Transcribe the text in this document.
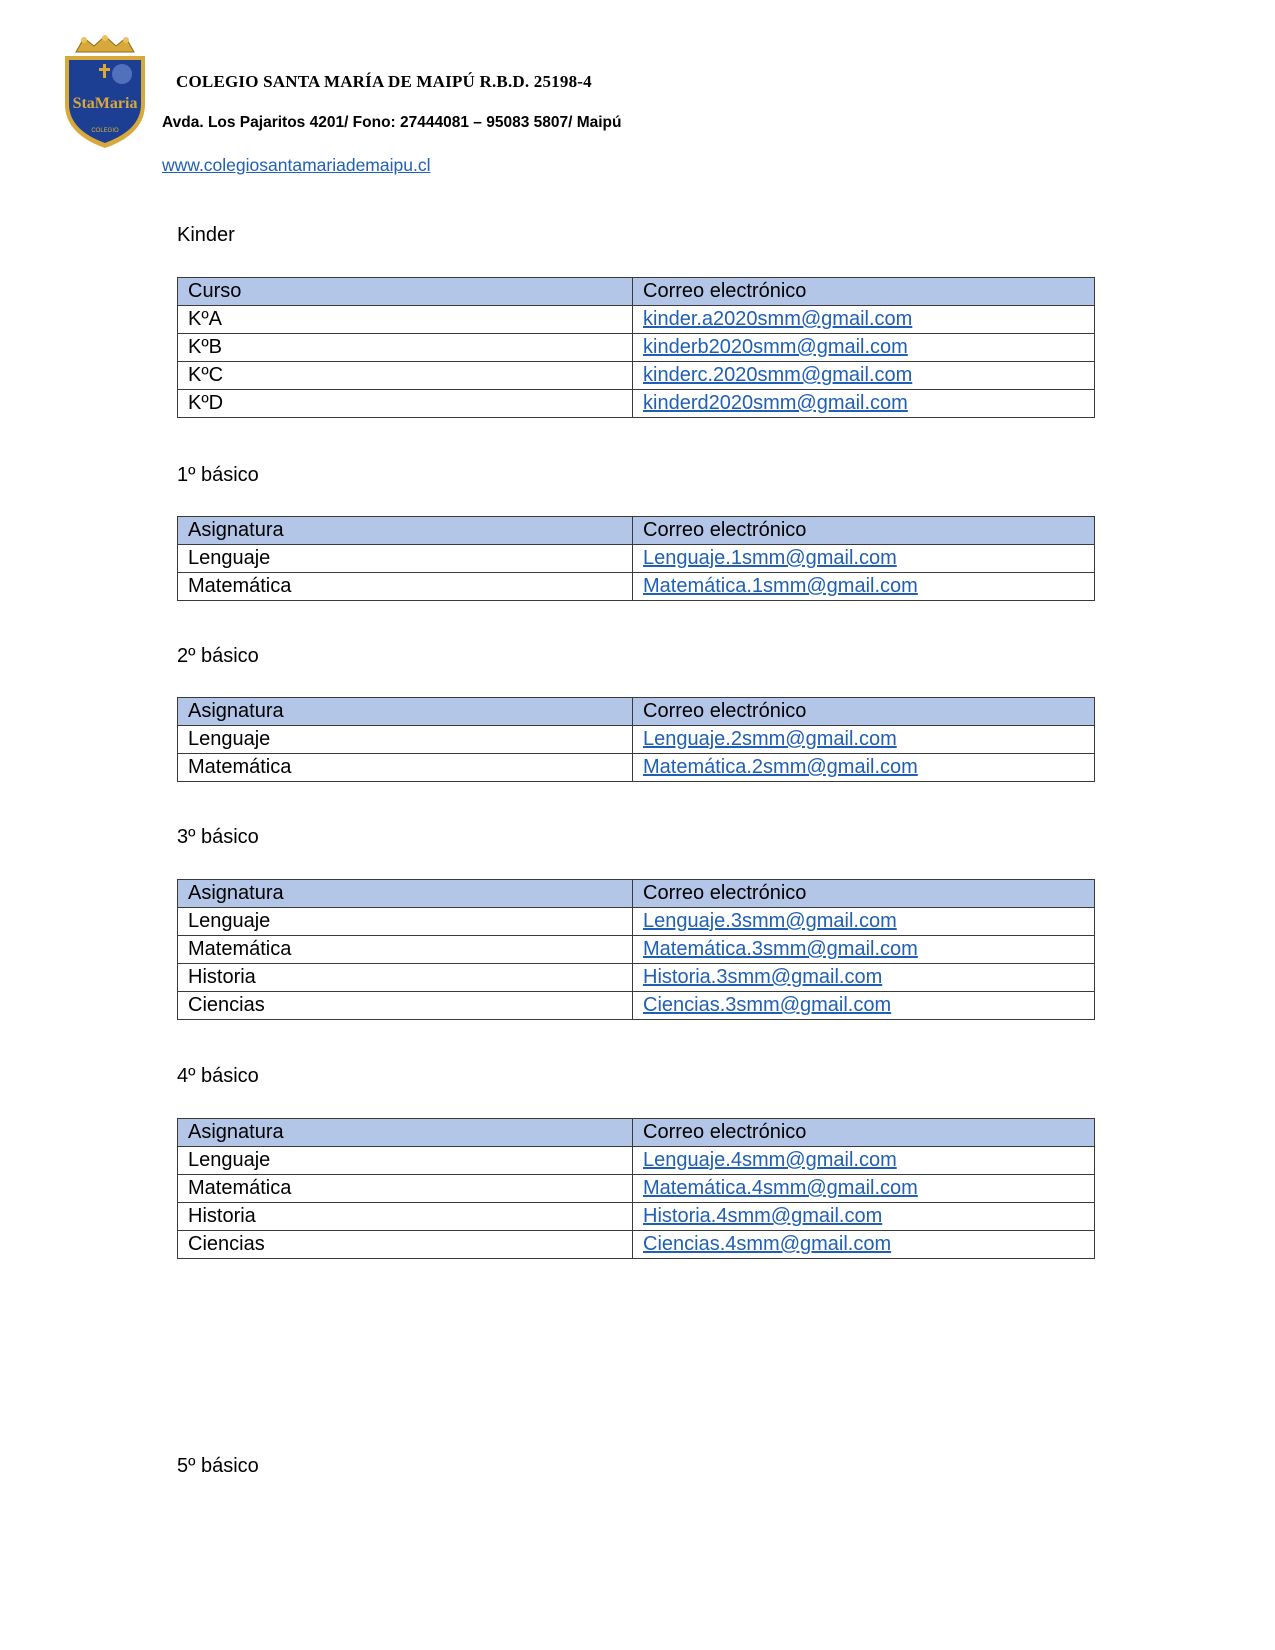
StaMaria
COLEGIO
COLEGIO SANTA MARÍA DE MAIPÚ R.B.D. 25198-4
Avda. Los Pajaritos 4201/ Fono: 27444081 – 95083 5807/ Maipú
www.colegiosantamariademaipu.cl
Kinder
Curso	Correo electrónico
KºA	kinder.a2020smm@gmail.com
KºB	kinderb2020smm@gmail.com
KºC	kinderc.2020smm@gmail.com
KºD	kinderd2020smm@gmail.com
1º básico
Asignatura	Correo electrónico
Lenguaje	Lenguaje.1smm@gmail.com
Matemática	Matemática.1smm@gmail.com
2º básico
Asignatura	Correo electrónico
Lenguaje	Lenguaje.2smm@gmail.com
Matemática	Matemática.2smm@gmail.com
3º básico
Asignatura	Correo electrónico
Lenguaje	Lenguaje.3smm@gmail.com
Matemática	Matemática.3smm@gmail.com
Historia	Historia.3smm@gmail.com
Ciencias	Ciencias.3smm@gmail.com
4º básico
Asignatura	Correo electrónico
Lenguaje	Lenguaje.4smm@gmail.com
Matemática	Matemática.4smm@gmail.com
Historia	Historia.4smm@gmail.com
Ciencias	Ciencias.4smm@gmail.com
5º básico
